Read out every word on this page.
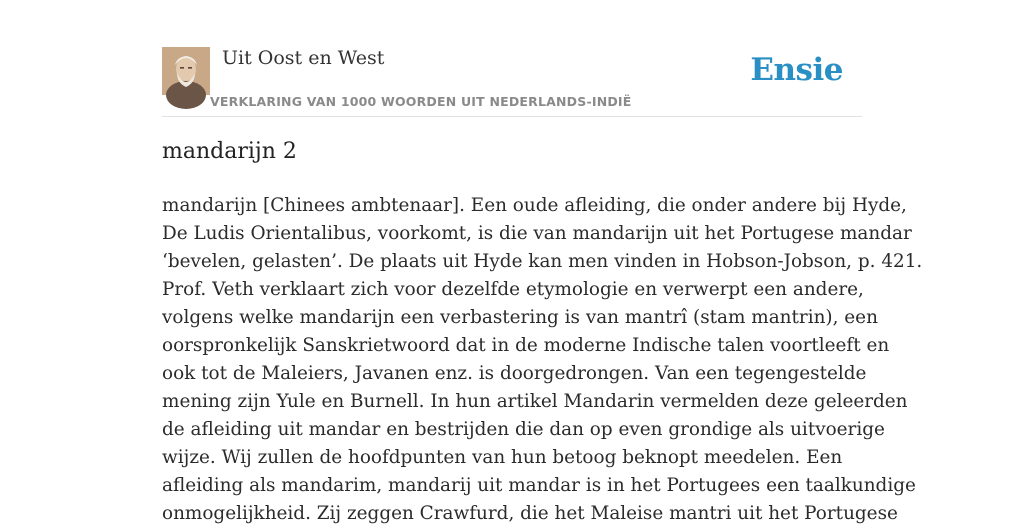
Uit Oost en West
VERKLARING VAN 1000 WOORDEN UIT NEDERLANDS-INDIË
Ensie
mandarijn 2
mandarijn [Chinees ambtenaar]. Een oude afleiding, die onder andere bij Hyde,
De Ludis Orientalibus, voorkomt, is die van mandarijn uit het Portugese mandar
‘bevelen, gelasten’. De plaats uit Hyde kan men vinden in Hobson-Jobson, p. 421.
Prof. Veth verklaart zich voor dezelfde etymologie en verwerpt een andere,
volgens welke mandarijn een verbastering is van mantrî (stam mantrin), een
oorspronkelijk Sanskrietwoord dat in de moderne Indische talen voortleeft en
ook tot de Maleiers, Javanen enz. is doorgedrongen. Van een tegengestelde
mening zijn Yule en Burnell. In hun artikel Mandarin vermelden deze geleerden
de afleiding uit mandar en bestrijden die dan op even grondige als uitvoerige
wijze. Wij zullen de hoofdpunten van hun betoog beknopt meedelen. Een
afleiding als mandarim, mandarij uit mandar is in het Portugees een taalkundige
onmogelijkheid. Zij zeggen Crawfurd, die het Maleise mantri uit het Portugese
